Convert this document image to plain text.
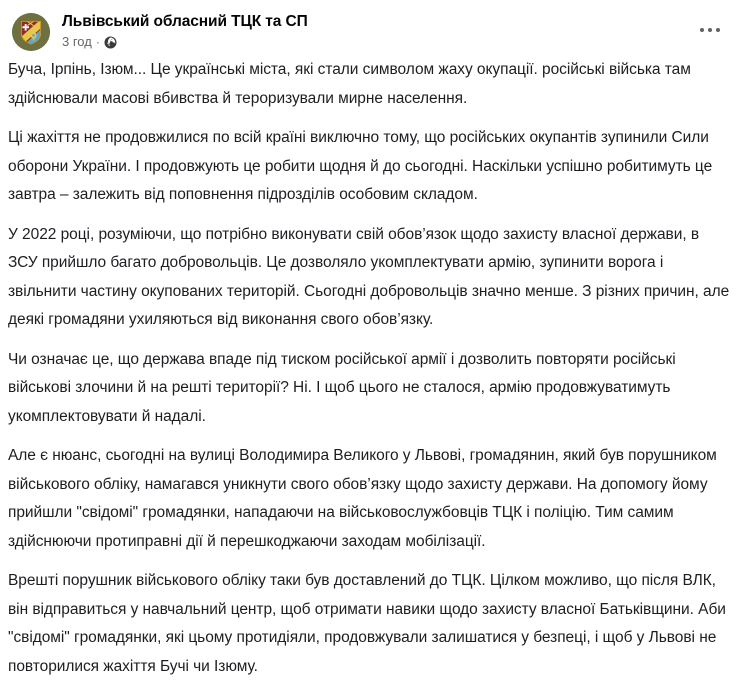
Львівський обласний ТЦК та СП
3 год ·

Буча, Ірпінь, Ізюм... Це українські міста, які стали символом жаху окупації. російські війська там здійснювали масові вбивства й тероризували мирне населення.

Ці жахіття не продовжилися по всій країні виключно тому, що російських окупантів зупинили Сили оборони України. І продовжують це робити щодня й до сьогодні. Наскільки успішно робитимуть це завтра – залежить від поповнення підрозділів особовим складом.

У 2022 році, розуміючи, що потрібно виконувати свій обов’язок щодо захисту власної держави, в ЗСУ прийшло багато добровольців. Це дозволяло укомплектувати армію, зупинити ворога і звільнити частину окупованих територій. Сьогодні добровольців значно менше. З різних причин, але деякі громадяни ухиляються від виконання свого обов’язку.

Чи означає це, що держава впаде під тиском російської армії і дозволить повторяти російські військові злочини й на решті території? Ні. І щоб цього не сталося, армію продовжуватимуть укомплектовувати й надалі.

Але є нюанс, сьогодні на вулиці Володимира Великого у Львові, громадянин, який був порушником військового обліку, намагався уникнути свого обов’язку щодо захисту держави. На допомогу йому прийшли "свідомі" громадянки, нападаючи на військовослужбовців ТЦК і поліцію. Тим самим здійснюючи протиправні дії й перешкоджаючи заходам мобілізації.

Врешті порушник військового обліку таки був доставлений до ТЦК. Цілком можливо, що після ВЛК, він відправиться у навчальний центр, щоб отримати навики щодо захисту власної Батьківщини. Аби "свідомі" громадянки, які цьому протидіяли, продовжували залишатися у безпеці, і щоб у Львові не повторилися жахіття Бучі чи Ізюму.
